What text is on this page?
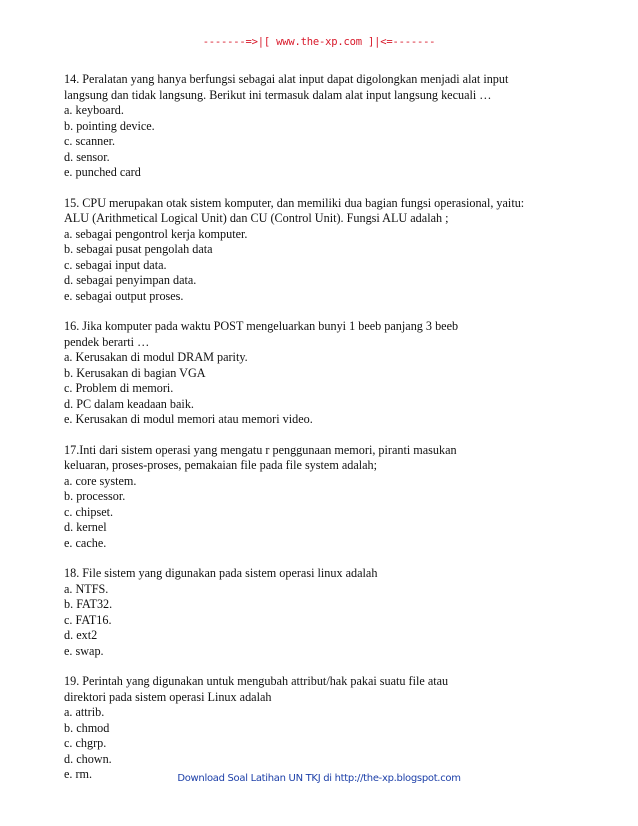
-------=>|[ www.the-xp.com ]|<=-------

14. Peralatan yang hanya berfungsi sebagai alat input dapat digolongkan menjadi alat input
langsung dan tidak langsung. Berikut ini termasuk dalam alat input langsung kecuali …

a. keyboard.
b. pointing device.
c. scanner.
d. sensor.
e. punched card

15. CPU merupakan otak sistem komputer, dan memiliki dua bagian fungsi operasional, yaitu:
ALU (Arithmetical Logical Unit) dan CU (Control Unit). Fungsi ALU adalah ;

a. sebagai pengontrol kerja komputer.
b. sebagai pusat pengolah data
c. sebagai input data.
d. sebagai penyimpan data.
e. sebagai output proses.

16. Jika komputer pada waktu POST mengeluarkan bunyi 1 beeb panjang 3 beeb
pendek berarti …

a. Kerusakan di modul DRAM parity.
b. Kerusakan di bagian VGA
c. Problem di memori.
d. PC dalam keadaan baik.
e. Kerusakan di modul memori atau memori video.

17.Inti dari sistem operasi yang mengatu r penggunaan memori, piranti masukan
keluaran, proses-proses, pemakaian file pada file system adalah;

a. core system.
b. processor.
c. chipset.
d. kernel
e. cache.

18. File sistem yang digunakan pada sistem operasi linux adalah

a. NTFS.
b. FAT32.
c. FAT16.
d. ext2
e. swap.

19. Perintah yang digunakan untuk mengubah attribut/hak pakai suatu file atau
direktori pada sistem operasi Linux adalah

a. attrib.
b. chmod
c. chgrp.
d. chown.
e. rm.	Download Soal Latihan UN TKJ di http://the-xp.blogspot.com
